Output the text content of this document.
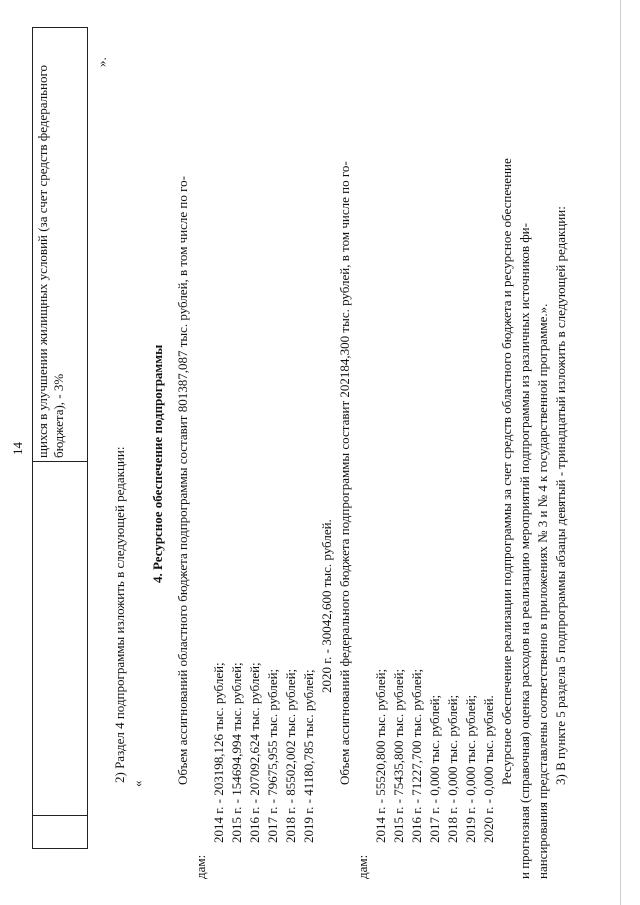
14 щихся в улучшении жилищных условий (за счет средств федерального бюджета), - 3%
».
2) Раздел 4 подпрограммы изложить в следующей редакции:
«
4. Ресурсное обеспечение подпрограммы Объем ассигнований областного бюджета подпрограммы составит 801387,087 тыс. рублей, в том числе по го-
дам:
2014 г. - 203198,126 тыс. рублей; 2015 г. - 154694,994 тыс. рублей; 2016 г. - 207092,624 тыс. рублей; 2017 г. - 79675,955 тыс. рублей; 2018 г. - 85502,002 тыс. рублей; 2019 г. - 41180,785 тыс. рублей;
2020 г. - 30042,600 тыс. рублей. Объем ассигнований федерального бюджета подпрограммы составит 202184,300 тыс. рублей, в том числе по го-
дам:
2014 г. - 55520,800 тыс. рублей; 2015 г. - 75435,800 тыс. рублей; 2016 г. - 71227,700 тыс. рублей; 2017 г. - 0,000 тыс. рублей; 2018 г. - 0,000 тыс. рублей; 2019 г. - 0,000 тыс. рублей; 2020 г. - 0,000 тыс. рублей. Ресурсное обеспечение реализации подпрограммы за счет средств областного бюджета и ресурсное обеспечение и прогнозная (справочная) оценка расходов на реализацию мероприятий подпрограммы из различных источников фи- нансирования представлены соответственно в приложениях № 3 и № 4 к государственной программе.». 3) В пункте 5 раздела 5 подпрограммы абзацы девятый - тринадцатый изложить в следующей редакции:
